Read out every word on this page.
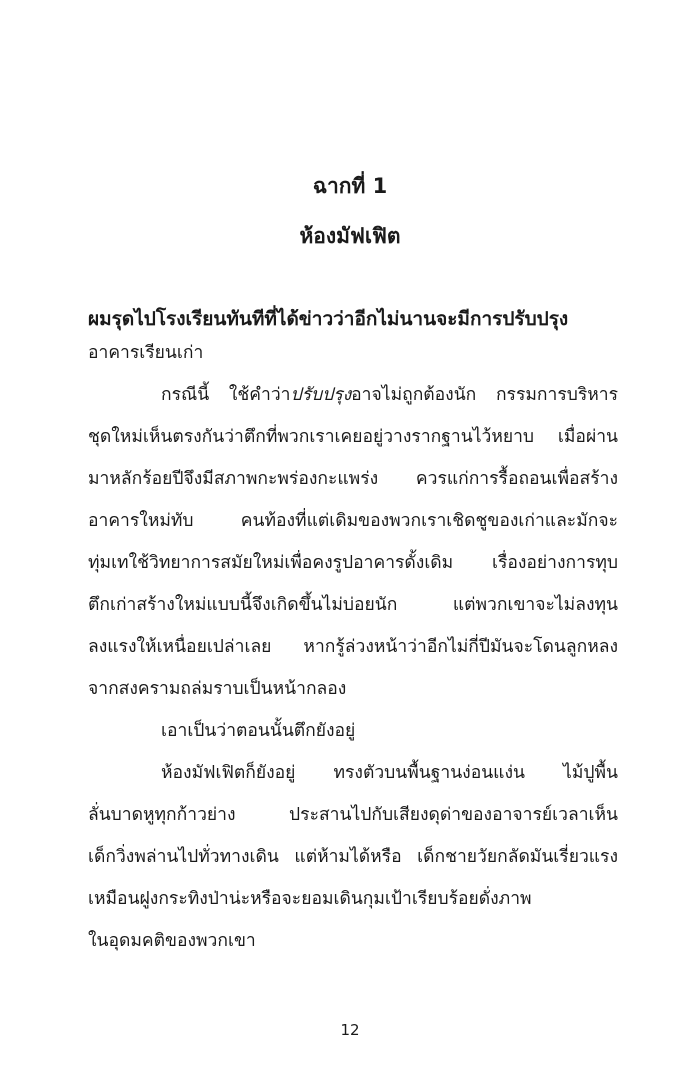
ฉากที่ 1
ห้องมัฟเฟิต
ผมรุดไปโรงเรียนทันทีที่ได้ข่าวว่าอีกไม่นานจะมีการปรับปรุง
อาคารเรียนเก่า
กรณีนี้ ใช้คำว่าปรับปรุงอาจไม่ถูกต้องนัก กรรมการบริหาร
ชุดใหม่เห็นตรงกันว่าตึกที่พวกเราเคยอยู่วางรากฐานไว้หยาบ เมื่อผ่าน
มาหลักร้อยปีจึงมีสภาพกะพร่องกะแพร่ง ควรแก่การรื้อถอนเพื่อสร้าง
อาคารใหม่ทับ คนท้องที่แต่เดิมของพวกเราเชิดชูของเก่าและมักจะ
ทุ่มเทใช้วิทยาการสมัยใหม่เพื่อคงรูปอาคารดั้งเดิม เรื่องอย่างการทุบ
ตึกเก่าสร้างใหม่แบบนี้จึงเกิดขึ้นไม่บ่อยนัก แต่พวกเขาจะไม่ลงทุน
ลงแรงให้เหนื่อยเปล่าเลย หากรู้ล่วงหน้าว่าอีกไม่กี่ปีมันจะโดนลูกหลง
จากสงครามถล่มราบเป็นหน้ากลอง
เอาเป็นว่าตอนนั้นตึกยังอยู่
ห้องมัฟเฟิตก็ยังอยู่ ทรงตัวบนพื้นฐานง่อนแง่น ไม้ปูพื้น
ลั่นบาดหูทุกก้าวย่าง ประสานไปกับเสียงดุด่าของอาจารย์เวลาเห็น
เด็กวิ่งพล่านไปทั่วทางเดิน แต่ห้ามได้หรือ เด็กชายวัยกลัดมันเรี่ยวแรง
เหมือนฝูงกระทิงป่าน่ะหรือจะยอมเดินกุมเป้าเรียบร้อยดั่งภาพ
ในอุดมคติของพวกเขา
12
